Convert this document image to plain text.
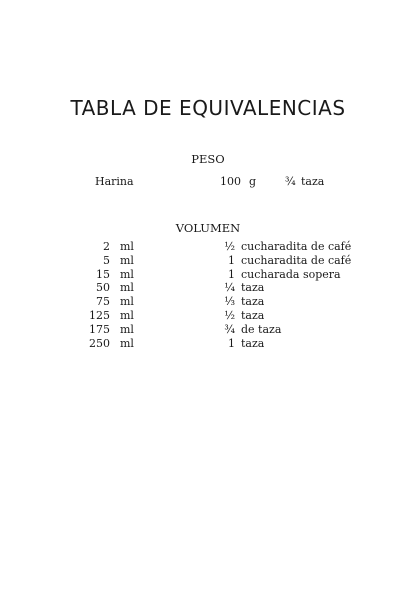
TABLA DE EQUIVALENCIAS
PESO
Harina	100 g	¾ taza
VOLUMEN
2 ml	½ cucharadita de café
5 ml	1 cucharadita de café
15 ml	1 cucharada sopera
50 ml	¼ taza
75 ml	⅓ taza
125 ml	½ taza
175 ml	¾ de taza
250 ml	1 taza
